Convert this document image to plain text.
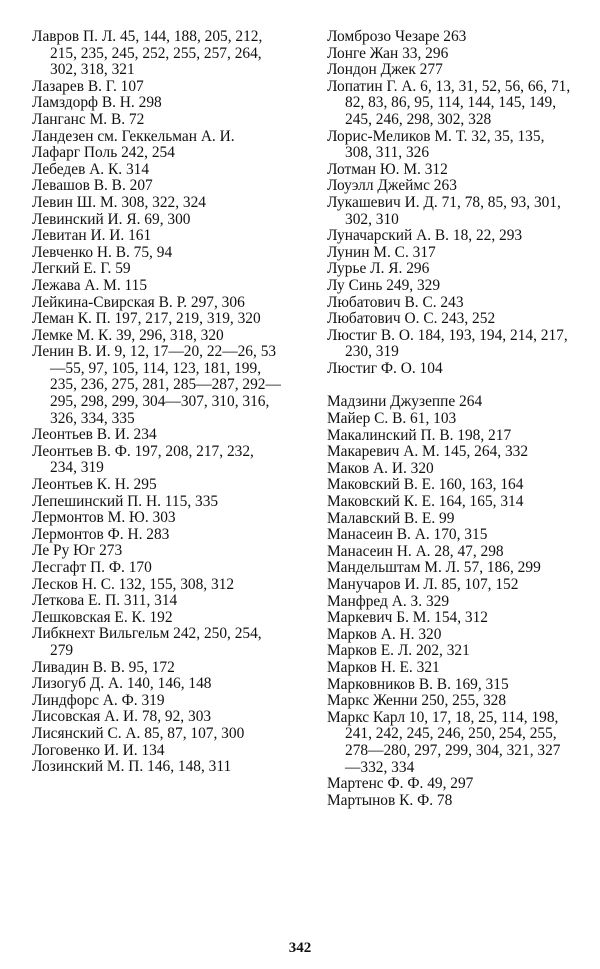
Лавров П. Л. 45, 144, 188, 205, 212, 215, 235, 245, 252, 255, 257, 264, 302, 318, 321
Лазарев В. Г. 107
Ламздорф В. Н. 298
Ланганс М. В. 72
Ландезен см. Геккельман А. И.
Лафарг Поль 242, 254
Лебедев А. К. 314
Левашов В. В. 207
Левин Ш. М. 308, 322, 324
Левинский И. Я. 69, 300
Левитан И. И. 161
Левченко Н. В. 75, 94
Легкий Е. Г. 59
Лежава А. М. 115
Лейкина-Свирская В. Р. 297, 306
Леман К. П. 197, 217, 219, 319, 320
Лемке М. К. 39, 296, 318, 320
Ленин В. И. 9, 12, 17—20, 22—26, 53—55, 97, 105, 114, 123, 181, 199, 235, 236, 275, 281, 285—287, 292—295, 298, 299, 304—307, 310, 316, 326, 334, 335
Леонтьев В. И. 234
Леонтьев В. Ф. 197, 208, 217, 232, 234, 319
Леонтьев К. Н. 295
Лепешинский П. Н. 115, 335
Лермонтов М. Ю. 303
Лермонтов Ф. Н. 283
Ле Ру Юг 273
Лесгафт П. Ф. 170
Лесков Н. С. 132, 155, 308, 312
Леткова Е. П. 311, 314
Лешковская Е. К. 192
Либкнехт Вильгельм 242, 250, 254, 279
Ливадин В. В. 95, 172
Лизогуб Д. А. 140, 146, 148
Линдфорс А. Ф. 319
Лисовская А. И. 78, 92, 303
Лисянский С. А. 85, 87, 107, 300
Логовенко И. И. 134
Лозинский М. П. 146, 148, 311
Ломброзо Чезаре 263
Лонге Жан 33, 296
Лондон Джек 277
Лопатин Г. А. 6, 13, 31, 52, 56, 66, 71, 82, 83, 86, 95, 114, 144, 145, 149, 245, 246, 298, 302, 328
Лорис-Меликов М. Т. 32, 35, 135, 308, 311, 326
Лотман Ю. М. 312
Лоуэлл Джеймс 263
Лукашевич И. Д. 71, 78, 85, 93, 301, 302, 310
Луначарский А. В. 18, 22, 293
Лунин М. С. 317
Лурье Л. Я. 296
Лу Синь 249, 329
Любатович В. С. 243
Любатович О. С. 243, 252
Люстиг В. О. 184, 193, 194, 214, 217, 230, 319
Люстиг Ф. О. 104
Мадзини Джузеппе 264
Майер С. В. 61, 103
Макалинский П. В. 198, 217
Макаревич А. М. 145, 264, 332
Маков А. И. 320
Маковский В. Е. 160, 163, 164
Маковский К. Е. 164, 165, 314
Малавский В. Е. 99
Манасеин В. А. 170, 315
Манасеин Н. А. 28, 47, 298
Мандельштам М. Л. 57, 186, 299
Манучаров И. Л. 85, 107, 152
Манфред А. З. 329
Маркевич Б. М. 154, 312
Марков А. Н. 320
Марков Е. Л. 202, 321
Марков Н. Е. 321
Марковников В. В. 169, 315
Маркс Женни 250, 255, 328
Маркс Карл 10, 17, 18, 25, 114, 198, 241, 242, 245, 246, 250, 254, 255, 278—280, 297, 299, 304, 321, 327—332, 334
Мартенс Ф. Ф. 49, 297
Мартынов К. Ф. 78
342
